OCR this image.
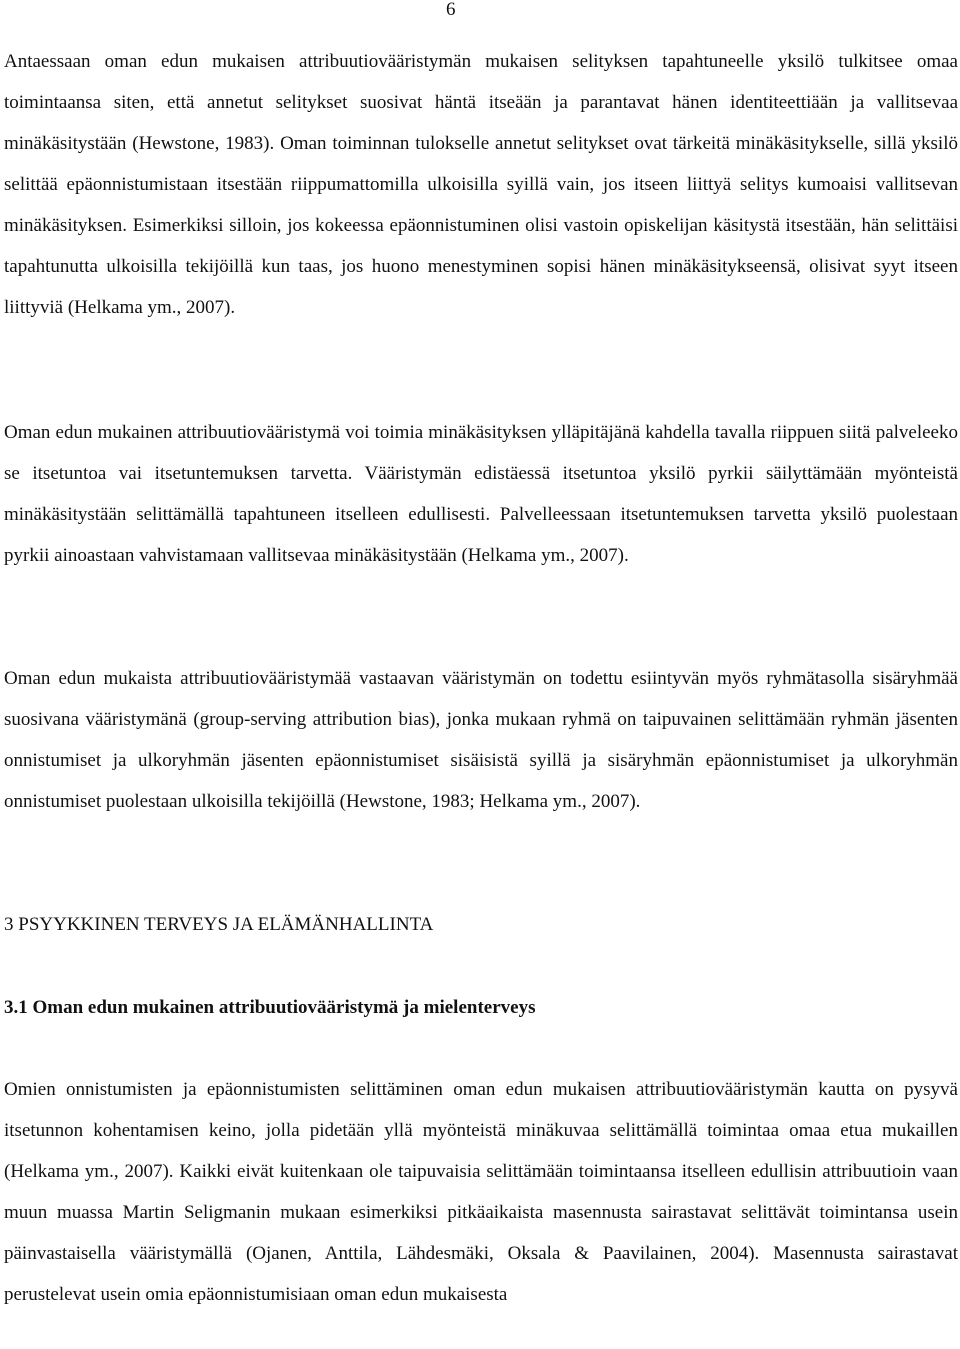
6

Antaessaan oman edun mukaisen attribuutiovääristymän mukaisen selityksen tapahtuneelle yksilö tulkitsee omaa toimintaansa siten, että annetut selitykset suosivat häntä itseään ja parantavat hänen identiteettiään ja vallitsevaa minäkäsitystään (Hewstone, 1983). Oman toiminnan tulokselle annetut selitykset ovat tärkeitä minäkäsitykselle, sillä yksilö selittää epäonnistumistaan itsestään riippumattomilla ulkoisilla syillä vain, jos itseen liittyä selitys kumoaisi vallitsevan minäkäsityksen. Esimerkiksi silloin, jos kokeessa epäonnistuminen olisi vastoin opiskelijan käsitystä itsestään, hän selittäisi tapahtunutta ulkoisilla tekijöillä kun taas, jos huono menestyminen sopisi hänen minäkäsitykseensä, olisivat syyt itseen liittyviä (Helkama ym., 2007).

Oman edun mukainen attribuutiovääristymä voi toimia minäkäsityksen ylläpitäjänä kahdella tavalla riippuen siitä palveleeko se itsetuntoa vai itsetuntemuksen tarvetta. Vääristymän edistäessä itsetuntoa yksilö pyrkii säilyttämään myönteistä minäkäsitystään selittämällä tapahtuneen itselleen edullisesti. Palvelleessaan itsetuntemuksen tarvetta yksilö puolestaan pyrkii ainoastaan vahvistamaan vallitsevaa minäkäsitystään (Helkama ym., 2007).

Oman edun mukaista attribuutiovääristymää vastaavan vääristymän on todettu esiintyvän myös ryhmätasolla sisäryhmää suosivana vääristymänä (group-serving attribution bias), jonka mukaan ryhmä on taipuvainen selittämään ryhmän jäsenten onnistumiset ja ulkoryhmän jäsenten epäonnistumiset sisäisistä syillä ja sisäryhmän epäonnistumiset ja ulkoryhmän onnistumiset puolestaan ulkoisilla tekijöillä (Hewstone, 1983; Helkama ym., 2007).

3 PSYYKKINEN TERVEYS JA ELÄMÄNHALLINTA
3.1 Oman edun mukainen attribuutiovääristymä ja mielenterveys

Omien onnistumisten ja epäonnistumisten selittäminen oman edun mukaisen attribuutiovääristymän kautta on pysyvä itsetunnon kohentamisen keino, jolla pidetään yllä myönteistä minäkuvaa selittämällä toimintaa omaa etua mukaillen (Helkama ym., 2007). Kaikki eivät kuitenkaan ole taipuvaisia selittämään toimintaansa itselleen edullisin attribuutioin vaan muun muassa Martin Seligmanin mukaan esimerkiksi pitkäaikaista masennusta sairastavat selittävät toimintansa usein päinvastaisella vääristymällä (Ojanen, Anttila, Lähdesmäki, Oksala & Paavilainen, 2004). Masennusta sairastavat perustelevat usein omia epäonnistumisiaan oman edun mukaisesta
